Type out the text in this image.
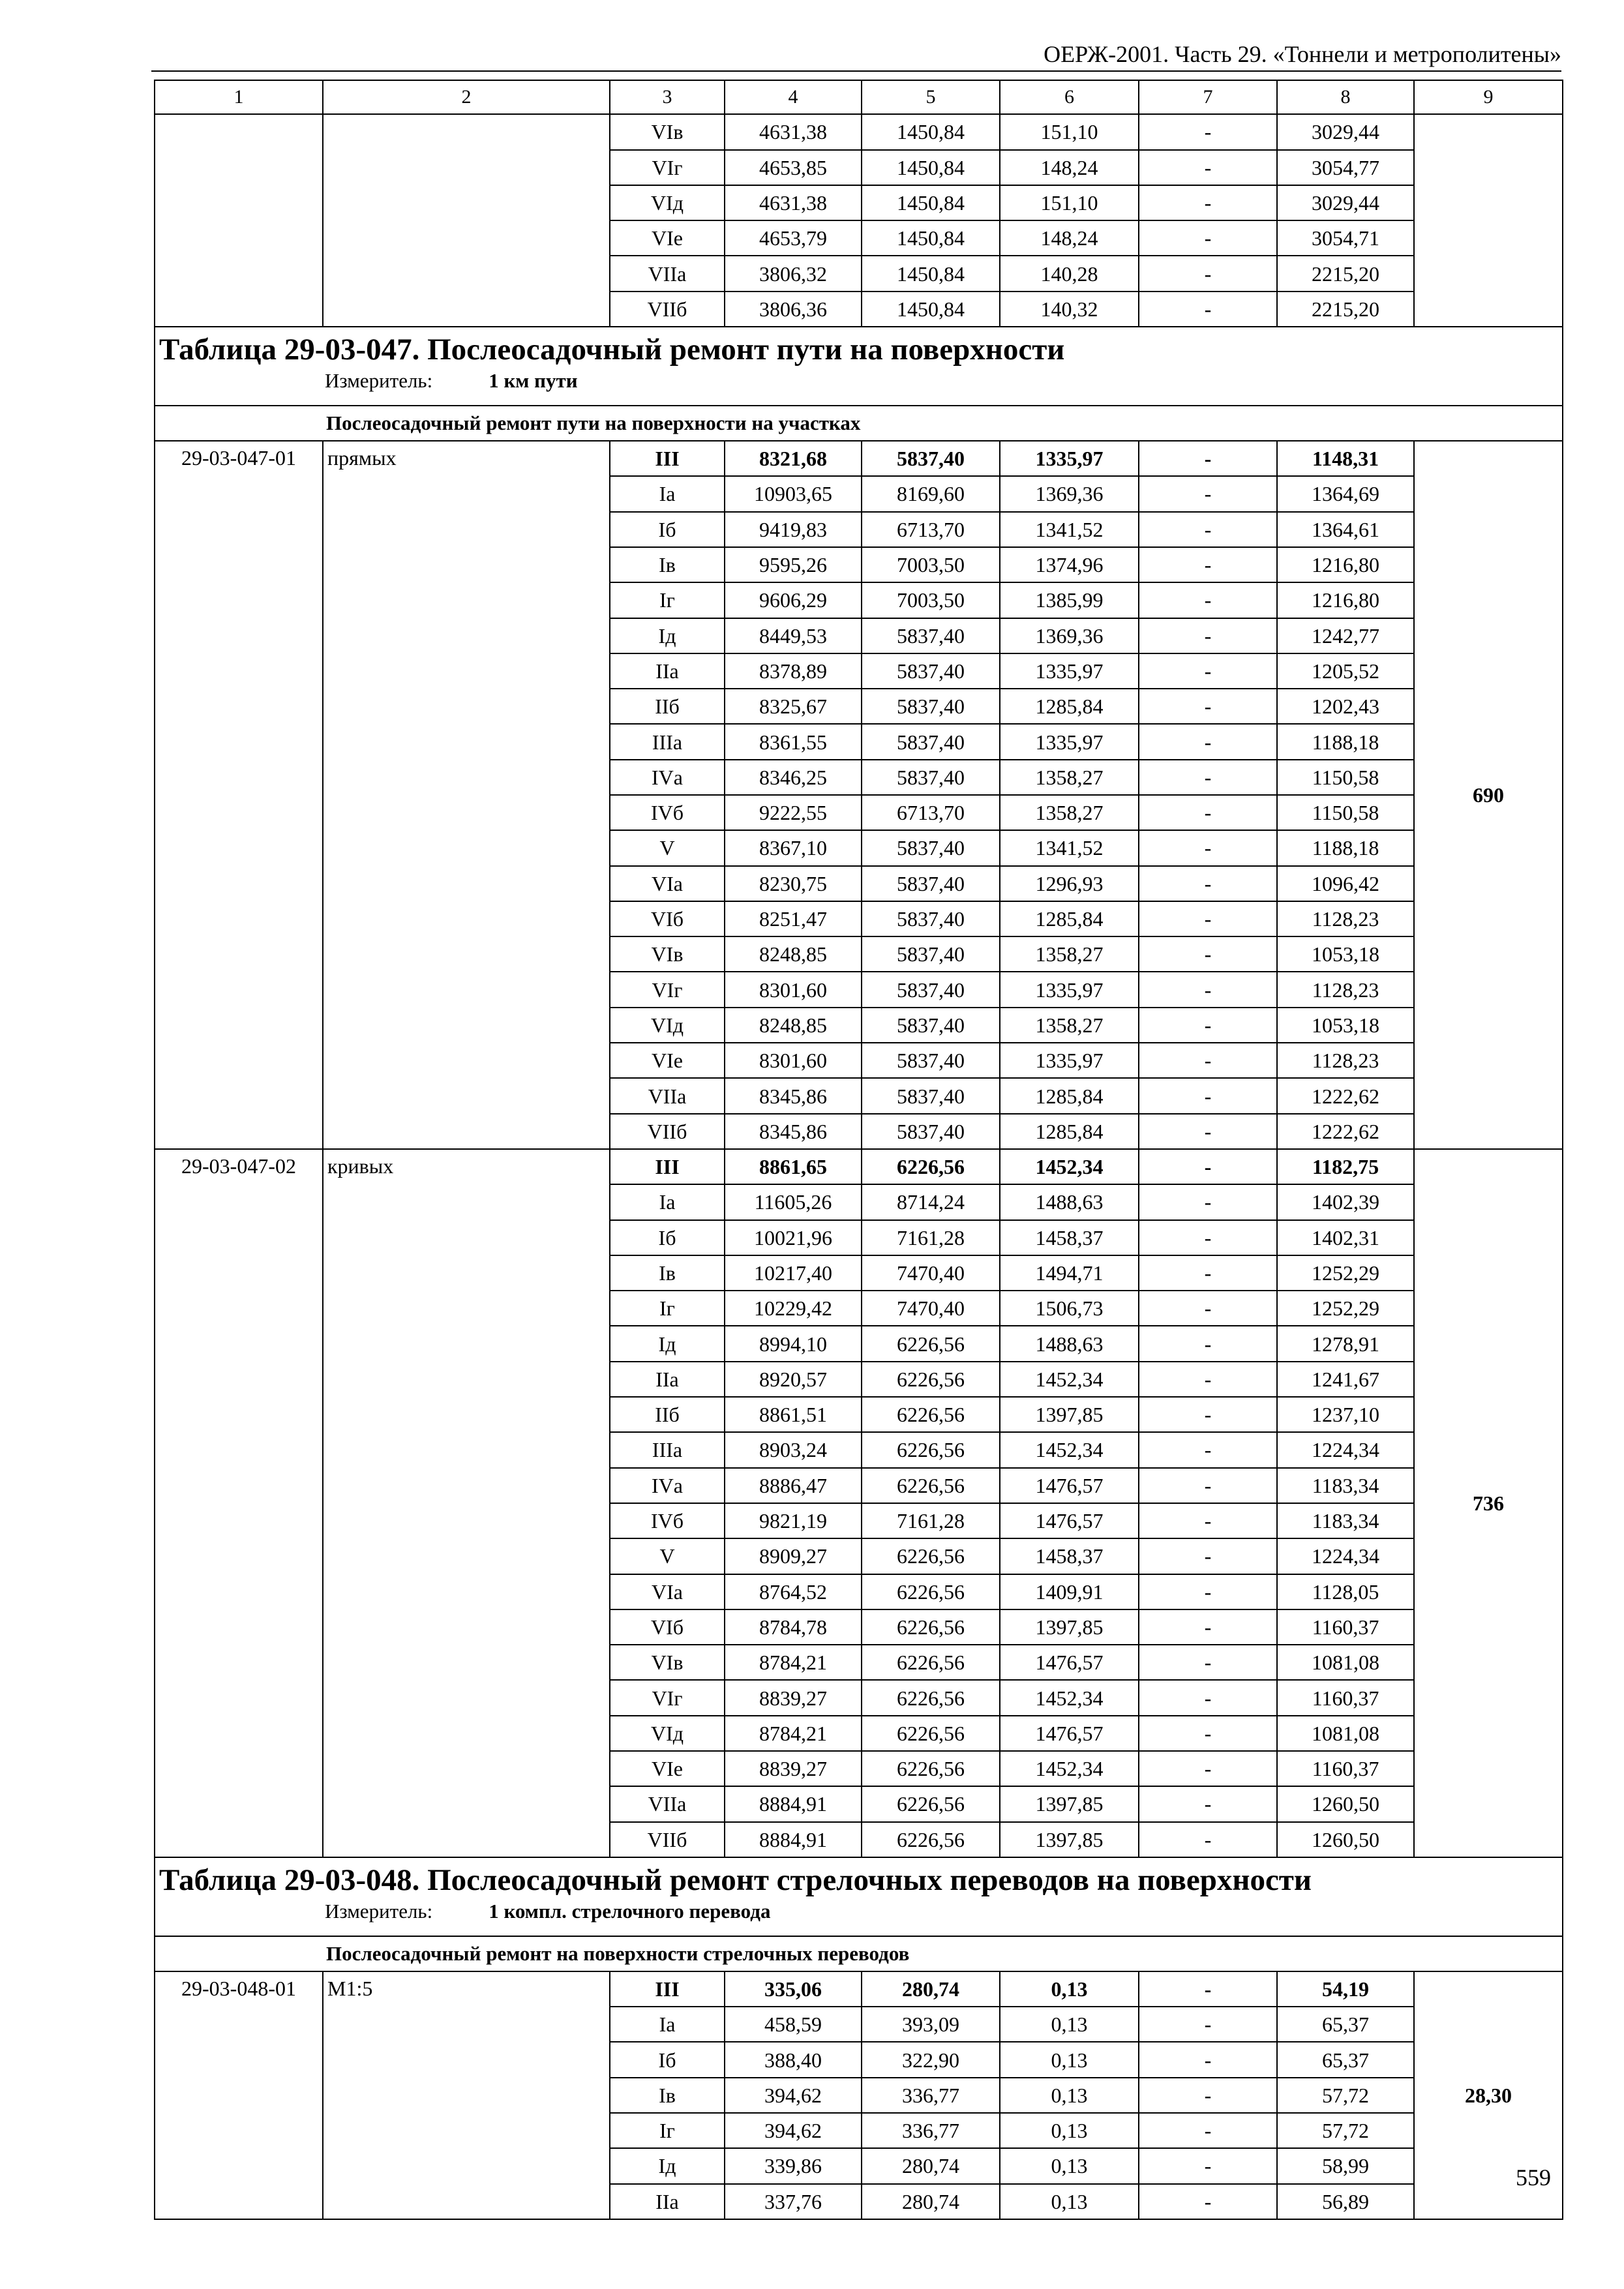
ОЕРЖ-2001. Часть 29. «Тоннели и метрополитены»
1	2	3	4	5	6	7	8	9
		VIв	4631,38	1450,84	151,10	-	3029,44	
		VIг	4653,85	1450,84	148,24	-	3054,77	
		VIд	4631,38	1450,84	151,10	-	3029,44	
		VIе	4653,79	1450,84	148,24	-	3054,71	
		VIIа	3806,32	1450,84	140,28	-	2215,20	
		VIIб	3806,36	1450,84	140,32	-	2215,20	

Таблица 29-03-047. Послеосадочный ремонт пути на поверхности
Измеритель: 1 км пути								

Послеосадочный ремонт пути на поверхности на участках								
29-03-047-01	прямых	III	8321,68	5837,40	1335,97	-	1148,31	690
		Iа	10903,65	8169,60	1369,36	-	1364,69	
		Iб	9419,83	6713,70	1341,52	-	1364,61	
		Iв	9595,26	7003,50	1374,96	-	1216,80	
		Iг	9606,29	7003,50	1385,99	-	1216,80	
		Iд	8449,53	5837,40	1369,36	-	1242,77	
		IIа	8378,89	5837,40	1335,97	-	1205,52	
		IIб	8325,67	5837,40	1285,84	-	1202,43	
		IIIа	8361,55	5837,40	1335,97	-	1188,18	
		IVа	8346,25	5837,40	1358,27	-	1150,58	
		IVб	9222,55	6713,70	1358,27	-	1150,58	
		V	8367,10	5837,40	1341,52	-	1188,18	
		VIа	8230,75	5837,40	1296,93	-	1096,42	
		VIб	8251,47	5837,40	1285,84	-	1128,23	
		VIв	8248,85	5837,40	1358,27	-	1053,18	
		VIг	8301,60	5837,40	1335,97	-	1128,23	
		VIд	8248,85	5837,40	1358,27	-	1053,18	
		VIе	8301,60	5837,40	1335,97	-	1128,23	
		VIIа	8345,86	5837,40	1285,84	-	1222,62	
		VIIб	8345,86	5837,40	1285,84	-	1222,62	
29-03-047-02	кривых	III	8861,65	6226,56	1452,34	-	1182,75	736
		Iа	11605,26	8714,24	1488,63	-	1402,39	
		Iб	10021,96	7161,28	1458,37	-	1402,31	
		Iв	10217,40	7470,40	1494,71	-	1252,29	
		Iг	10229,42	7470,40	1506,73	-	1252,29	
		Iд	8994,10	6226,56	1488,63	-	1278,91	
		IIа	8920,57	6226,56	1452,34	-	1241,67	
		IIб	8861,51	6226,56	1397,85	-	1237,10	
		IIIа	8903,24	6226,56	1452,34	-	1224,34	
		IVа	8886,47	6226,56	1476,57	-	1183,34	
		IVб	9821,19	7161,28	1476,57	-	1183,34	
		V	8909,27	6226,56	1458,37	-	1224,34	
		VIа	8764,52	6226,56	1409,91	-	1128,05	
		VIб	8784,78	6226,56	1397,85	-	1160,37	
		VIв	8784,21	6226,56	1476,57	-	1081,08	
		VIг	8839,27	6226,56	1452,34	-	1160,37	
		VIд	8784,21	6226,56	1476,57	-	1081,08	
		VIе	8839,27	6226,56	1452,34	-	1160,37	
		VIIа	8884,91	6226,56	1397,85	-	1260,50	
		VIIб	8884,91	6226,56	1397,85	-	1260,50	

Таблица 29-03-048. Послеосадочный ремонт стрелочных переводов на поверхности
Измеритель: 1 компл. стрелочного перевода								

Послеосадочный ремонт на поверхности стрелочных переводов								
29-03-048-01	М1:5	III	335,06	280,74	0,13	-	54,19	28,30
		Iа	458,59	393,09	0,13	-	65,37	
		Iб	388,40	322,90	0,13	-	65,37	
		Iв	394,62	336,77	0,13	-	57,72	
		Iг	394,62	336,77	0,13	-	57,72	
		Iд	339,86	280,74	0,13	-	58,99	
		IIа	337,76	280,74	0,13	-	56,89	
559
